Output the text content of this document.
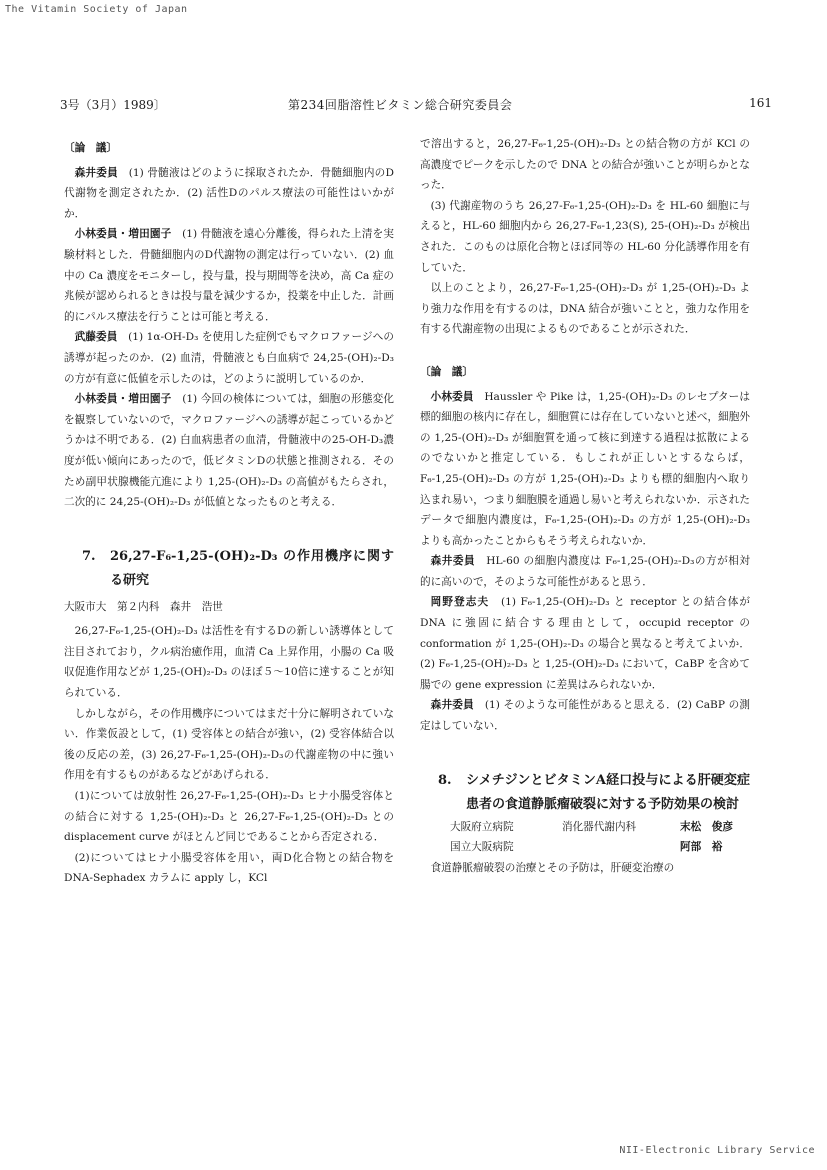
The Vitamin Society of Japan
3号（3月）1989〕	第234回脂溶性ビタミン総合研究委員会	161

〔論　議〕

森井委員　 (1) 骨髄液はどのように採取されたか．骨髄細胞内のD代謝物を測定されたか．(2) 活性Dのパルス療法の可能性はいかがか．

小林委員・増田園子　 (1) 骨髄液を遠心分離後，得られた上清を実験材料とした．骨髄細胞内のD代謝物の測定は行っていない．(2) 血中の Ca 濃度をモニターし，投与量，投与期間等を決め，高 Ca 症の兆候が認められるときは投与量を減少するか，投薬を中止した．計画的にパルス療法を行うことは可能と考える．

武藤委員　 (1) 1α-OH-D₃ を使用した症例でもマクロファージへの誘導が起ったのか．(2) 血清，骨髄液とも白血病で 24,25-(OH)₂-D₃ の方が有意に低値を示したのは，どのように説明しているのか．

小林委員・増田園子　 (1) 今回の検体については，細胞の形態変化を観察していないので，マクロファージへの誘導が起こっているかどうかは不明である．(2) 白血病患者の血清，骨髄液中の25-OH-D₃濃度が低い傾向にあったので，低ビタミンDの状態と推測される．そのため副甲状腺機能亢進により 1,25-(OH)₂-D₃ の高値がもたらされ，二次的に 24,25-(OH)₂-D₃ が低値となったものと考える．

7. 26,27-F₆-1,25-(OH)₂-D₃ の作用機序に関する研究

大阪市大　第２内科　森井　浩世

26,27-F₆-1,25-(OH)₂-D₃ は活性を有するDの新しい誘導体として注目されており，クル病治癒作用，血清 Ca 上昇作用，小腸の Ca 吸収促進作用などが 1,25-(OH)₂-D₃ のほぼ５～10倍に達することが知られている．

しかしながら，その作用機序についてはまだ十分に解明されていない．作業仮設として，(1) 受容体との結合が強い，(2) 受容体結合以後の反応の差，(3) 26,27-F₆-1,25-(OH)₂-D₃の代謝産物の中に強い作用を有するものがあるなどがあげられる．

(1)については放射性 26,27-F₆-1,25-(OH)₂-D₃ ヒナ小腸受容体との結合に対する 1,25-(OH)₂-D₃ と 26,27-F₆-1,25-(OH)₂-D₃ との displacement curve がほとんど同じであることから否定される．

(2)についてはヒナ小腸受容体を用い，両D化合物との結合物を DNA-Sephadex カラムに apply し，KCl

で溶出すると，26,27-F₆-1,25-(OH)₂-D₃ との結合物の方が KCl の高濃度でピークを示したので DNA との結合が強いことが明らかとなった．

(3) 代謝産物のうち 26,27-F₆-1,25-(OH)₂-D₃ を HL-60 細胞に与えると，HL-60 細胞内から 26,27-F₆-1,23(S), 25-(OH)₂-D₃ が検出された．このものは原化合物とほぼ同等の HL-60 分化誘導作用を有していた．

以上のことより，26,27-F₆-1,25-(OH)₂-D₃ が 1,25-(OH)₂-D₃ より強力な作用を有するのは，DNA 結合が強いことと，強力な作用を有する代謝産物の出現によるものであることが示された．

〔論　議〕

小林委員　 Haussler や Pike は，1,25-(OH)₂-D₃ のレセプターは標的細胞の核内に存在し，細胞質には存在していないと述べ，細胞外の 1,25-(OH)₂-D₃ が細胞質を通って核に到達する過程は拡散によるのでないかと推定している．もしこれが正しいとするならば，F₆-1,25-(OH)₂-D₃ の方が 1,25-(OH)₂-D₃ よりも標的細胞内へ取り込まれ易い，つまり細胞膜を通過し易いと考えられないか．示されたデータで細胞内濃度は，F₆-1,25-(OH)₂-D₃ の方が 1,25-(OH)₂-D₃ よりも高かったことからもそう考えられないか．

森井委員　 HL-60 の細胞内濃度は F₆-1,25-(OH)₂-D₃の方が相対的に高いので，そのような可能性があると思う．

岡野登志夫　 (1) F₆-1,25-(OH)₂-D₃ と receptor との結合体が DNA に強固に結合する理由として，occupid receptor の conformation が 1,25-(OH)₂-D₃ の場合と異なると考えてよいか．(2) F₆-1,25-(OH)₂-D₃ と 1,25-(OH)₂-D₃ において，CaBP を含めて腸での gene expression に差異はみられないか．

森井委員　 (1) そのような可能性があると思える．(2) CaBP の測定はしていない．

8. シメチジンとビタミンA経口投与による肝硬変症患者の食道静脈瘤破裂に対する予防効果の検討

大阪府立病院	消化器代謝内科	末松　俊彦
国立大阪病院	阿部　裕

食道静脈瘤破裂の治療とその予防は，肝硬変治療の

NII-Electronic Library Service
